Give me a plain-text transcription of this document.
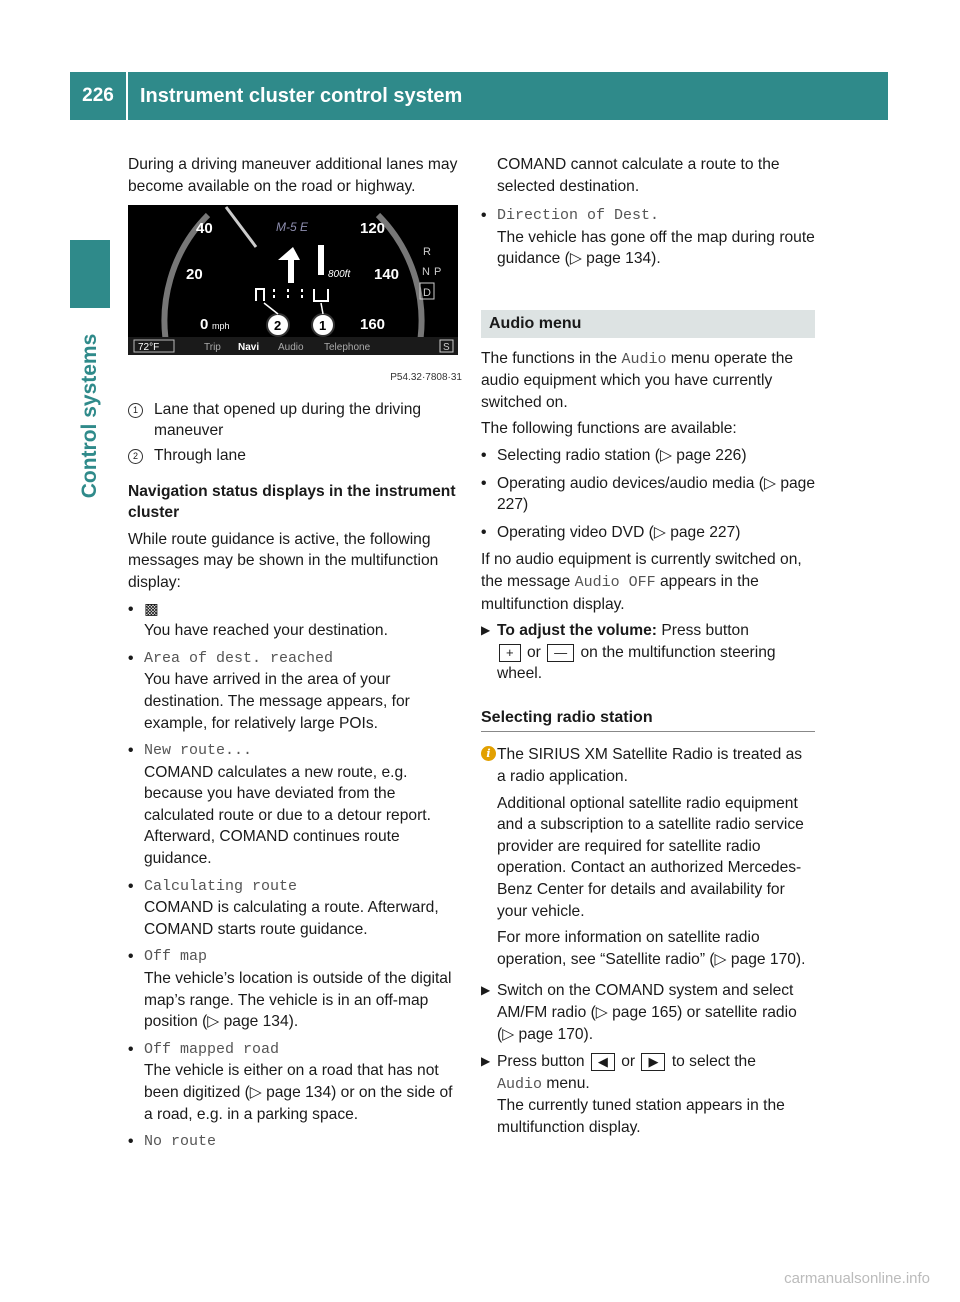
226	Instrument cluster control system
Control systems

During a driving maneuver additional lanes may become available on the road or highway.

40
20
0 mph
120
140
160
M-5 E
800ft
R
N P
D
2	1
72°F	Trip Navi Audio Telephone	S
P54.32·7808·31
1	Lane that opened up during the driving maneuver
2	Through lane

Navigation status displays in the instrument cluster

While route guidance is active, the following messages may be shown in the multifunction display:

• ▩
You have reached your destination.
• Area of dest. reached
You have arrived in the area of your destination. The message appears, for example, for relatively large POIs.
• New route...
COMAND calculates a new route, e.g. because you have deviated from the calculated route or due to a detour report. Afterward, COMAND continues route guidance.
• Calculating route
COMAND is calculating a route. Afterward, COMAND starts route guidance.
• Off map
The vehicle’s location is outside of the digital map’s range. The vehicle is in an off-map position (▷ page 134).
• Off mapped road
The vehicle is either on a road that has not been digitized (▷ page 134) or on the side of a road, e.g. in a parking space.
• No route
COMAND cannot calculate a route to the selected destination.
• Direction of Dest.
The vehicle has gone off the map during route guidance (▷ page 134).
Audio menu

The functions in the Audio menu operate the audio equipment which you have currently switched on.

The following functions are available:

• Selecting radio station (▷ page 226)
• Operating audio devices/audio media (▷ page 227)
• Operating video DVD (▷ page 227)

If no audio equipment is currently switched on, the message Audio OFF appears in the multifunction display.

▶ To adjust the volume: Press button
+ or — on the multifunction steering wheel.
Selecting radio station
i The SIRIUS XM Satellite Radio is treated as a radio application.

Additional optional satellite radio equipment and a subscription to a satellite radio service provider are required for satellite radio operation. Contact an authorized Mercedes-Benz Center for details and availability for your vehicle.

For more information on satellite radio operation, see “Satellite radio” (▷ page 170).

▶ Switch on the COMAND system and select AM/FM radio (▷ page 165) or satellite radio (▷ page 170).
▶ Press button ◀ or ▶ to select the
Audio menu.
The currently tuned station appears in the multifunction display.
carmanualsonline.info
